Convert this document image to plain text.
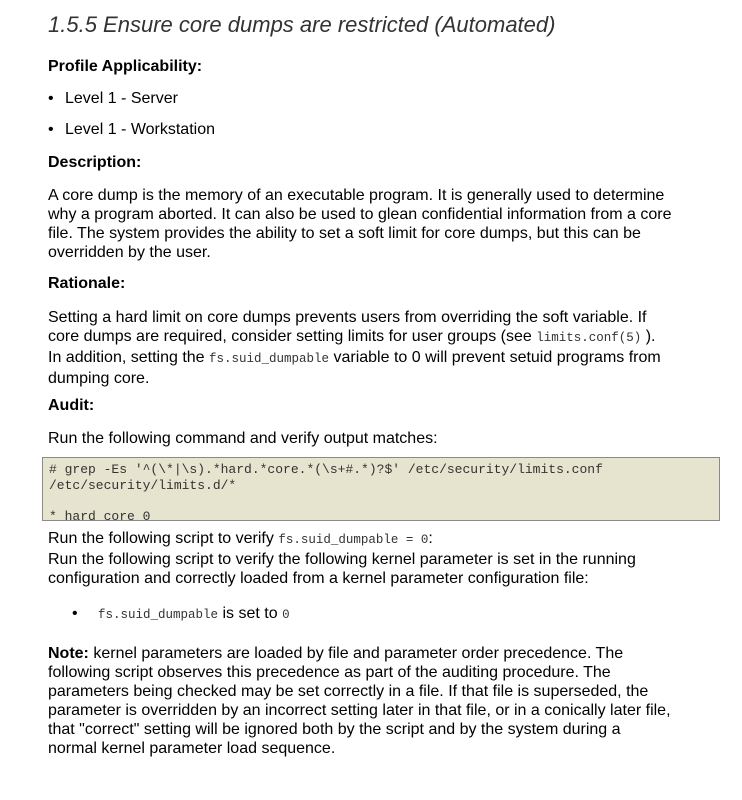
1.5.5 Ensure core dumps are restricted (Automated)
Profile Applicability:
• Level 1 - Server
• Level 1 - Workstation
Description:
A core dump is the memory of an executable program. It is generally used to determine
why a program aborted. It can also be used to glean confidential information from a core
file. The system provides the ability to set a soft limit for core dumps, but this can be
overridden by the user.
Rationale:
Setting a hard limit on core dumps prevents users from overriding the soft variable. If
core dumps are required, consider setting limits for user groups (see limits.conf(5) ).
In addition, setting the fs.suid_dumpable variable to 0 will prevent setuid programs from
dumping core.
Audit:
Run the following command and verify output matches:
# grep -Es '^(\*|\s).*hard.*core.*(\s+#.*)?$' /etc/security/limits.conf
/etc/security/limits.d/*
* hard core 0
Run the following script to verify fs.suid_dumpable = 0:
Run the following script to verify the following kernel parameter is set in the running
configuration and correctly loaded from a kernel parameter configuration file:
• fs.suid_dumpable is set to 0
Note: kernel parameters are loaded by file and parameter order precedence. The
following script observes this precedence as part of the auditing procedure. The
parameters being checked may be set correctly in a file. If that file is superseded, the
parameter is overridden by an incorrect setting later in that file, or in a conically later file,
that "correct" setting will be ignored both by the script and by the system during a
normal kernel parameter load sequence.
